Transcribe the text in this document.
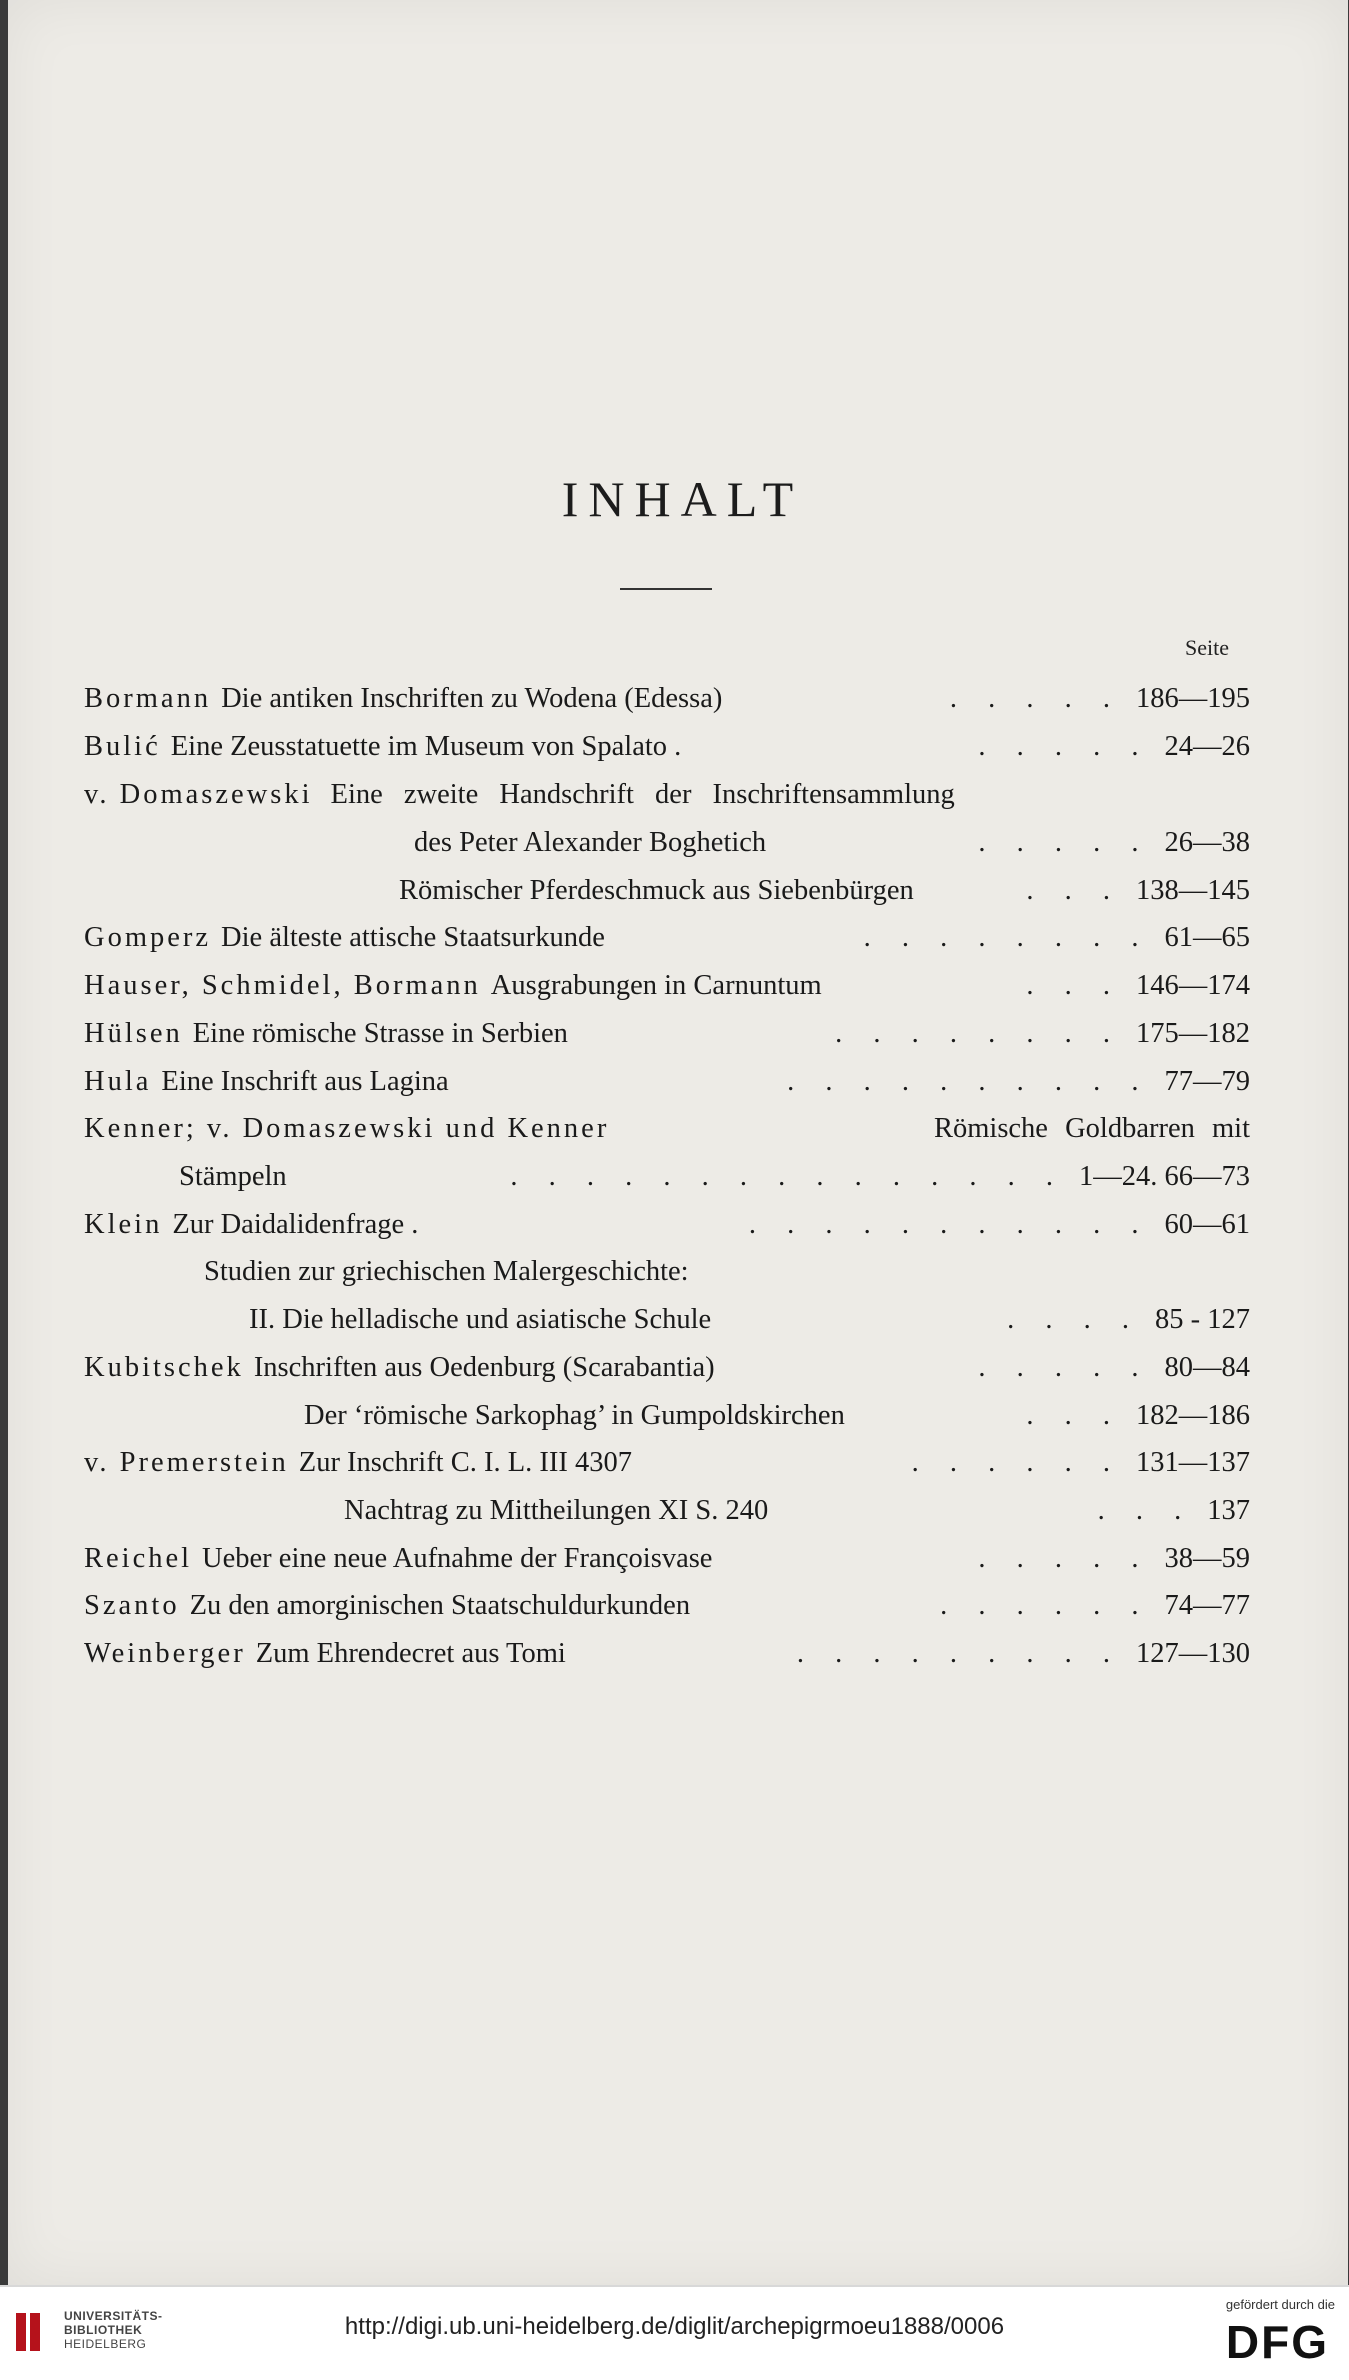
INHALT
Seite
Bormann Die antiken Inschriften zu Wodena (Edessa)	. . . . . 186—195
Bulić Eine Zeusstatuette im Museum von Spalato .	. . . . . 24—26
v. Domaszewski Eine zweite Handschrift der Inschriftensammlung
des Peter Alexander Boghetich	. . . . . 26—38
Römischer Pferdeschmuck aus Siebenbürgen	. . . 138—145
Gomperz Die älteste attische Staatsurkunde	. . . . . . . . 61—65
Hauser, Schmidel, Bormann Ausgrabungen in Carnuntum	. . . 146—174
Hülsen Eine römische Strasse in Serbien	. . . . . . . . 175—182
Hula Eine Inschrift aus Lagina	. . . . . . . . . . 77—79
Kenner; v. Domaszewski und Kenner	Römische Goldbarren mit
Stämpeln	. . . . . . . . . . . . . . . 1—24. 66—73
Klein Zur Daidalidenfrage .	. . . . . . . . . . . 60—61
Studien zur griechischen Malergeschichte:
II. Die helladische und asiatische Schule	. . . . 85 - 127
Kubitschek Inschriften aus Oedenburg (Scarabantia)	. . . . . 80—84
Der ‘römische Sarkophag’ in Gumpoldskirchen	. . . 182—186
v. Premerstein Zur Inschrift C. I. L. III 4307	. . . . . . 131—137
Nachtrag zu Mittheilungen XI S. 240	. . . 137
Reichel Ueber eine neue Aufnahme der Françoisvase	. . . . . 38—59
Szanto Zu den amorginischen Staatschuldurkunden	. . . . . . 74—77
Weinberger Zum Ehrendecret aus Tomi	. . . . . . . . . 127—130
UNIVERSITÄTS-
BIBLIOTHEK
HEIDELBERG
http://digi.ub.uni-heidelberg.de/diglit/archepigrmoeu1888/0006
gefördert durch die
DFG
